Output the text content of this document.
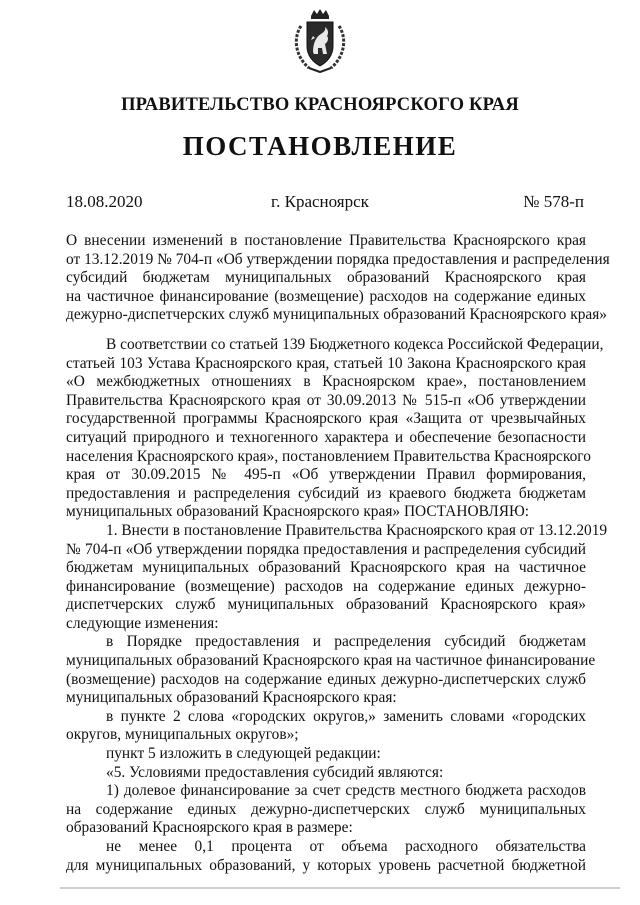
ПРАВИТЕЛЬСТВО КРАСНОЯРСКОГО КРАЯ
ПОСТАНОВЛЕНИЕ
18.08.2020	г. Красноярск	№ 578-п
О внесении изменений в постановление Правительства Красноярского края
от 13.12.2019 № 704-п «Об утверждении порядка предоставления и распределения
субсидий бюджетам муниципальных образований Красноярского края
на частичное финансирование (возмещение) расходов на содержание единых
дежурно-диспетчерских служб муниципальных образований Красноярского края»
В соответствии со статьей 139 Бюджетного кодекса Российской Федерации,
статьей 103 Устава Красноярского края, статьей 10 Закона Красноярского края
«О межбюджетных отношениях в Красноярском крае», постановлением
Правительства Красноярского края от 30.09.2013 № 515-п «Об утверждении
государственной программы Красноярского края «Защита от чрезвычайных
ситуаций природного и техногенного характера и обеспечение безопасности
населения Красноярского края», постановлением Правительства Красноярского
края от 30.09.2015 № 495-п «Об утверждении Правил формирования,
предоставления и распределения субсидий из краевого бюджета бюджетам
муниципальных образований Красноярского края» ПОСТАНОВЛЯЮ:
1. Внести в постановление Правительства Красноярского края от 13.12.2019
№ 704-п «Об утверждении порядка предоставления и распределения субсидий
бюджетам муниципальных образований Красноярского края на частичное
финансирование (возмещение) расходов на содержание единых дежурно-
диспетчерских служб муниципальных образований Красноярского края»
следующие изменения:
в Порядке предоставления и распределения субсидий бюджетам
муниципальных образований Красноярского края на частичное финансирование
(возмещение) расходов на содержание единых дежурно-диспетчерских служб
муниципальных образований Красноярского края:
в пункте 2 слова «городских округов,» заменить словами «городских
округов, муниципальных округов»;
пункт 5 изложить в следующей редакции:
«5. Условиями предоставления субсидий являются:
1) долевое финансирование за счет средств местного бюджета расходов
на содержание единых дежурно-диспетчерских служб муниципальных
образований Красноярского края в размере:
не менее 0,1 процента от объема расходного обязательства
для муниципальных образований, у которых уровень расчетной бюджетной
